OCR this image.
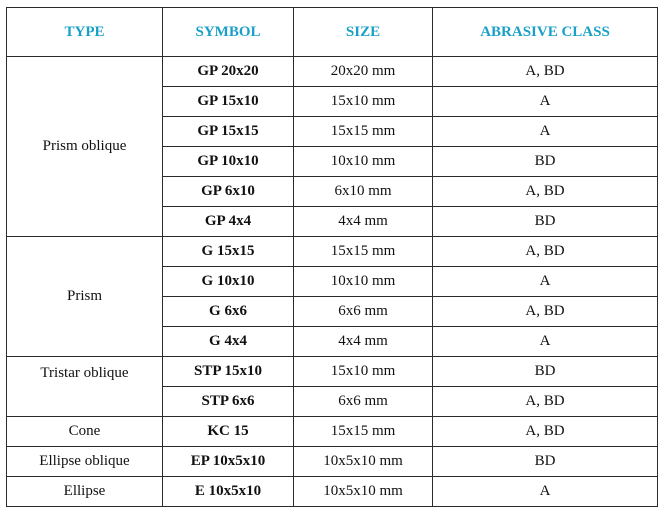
TYPE	SYMBOL	SIZE	ABRASIVE CLASS
Prism oblique	GP 20x20	20x20 mm	A, BD
	GP 15x10	15x10 mm	A
	GP 15x15	15x15 mm	A
	GP 10x10	10x10 mm	BD
	GP 6x10	6x10 mm	A, BD
	GP 4x4	4x4 mm	BD
Prism	G 15x15	15x15 mm	A, BD
	G 10x10	10x10 mm	A
	G 6x6	6x6 mm	A, BD
	G 4x4	4x4 mm	A
Tristar oblique	STP 15x10	15x10 mm	BD
	STP 6x6	6x6 mm	A, BD
Cone	KC 15	15x15 mm	A, BD
Ellipse oblique	EP 10x5x10	10x5x10 mm	BD
Ellipse	E 10x5x10	10x5x10 mm	A
